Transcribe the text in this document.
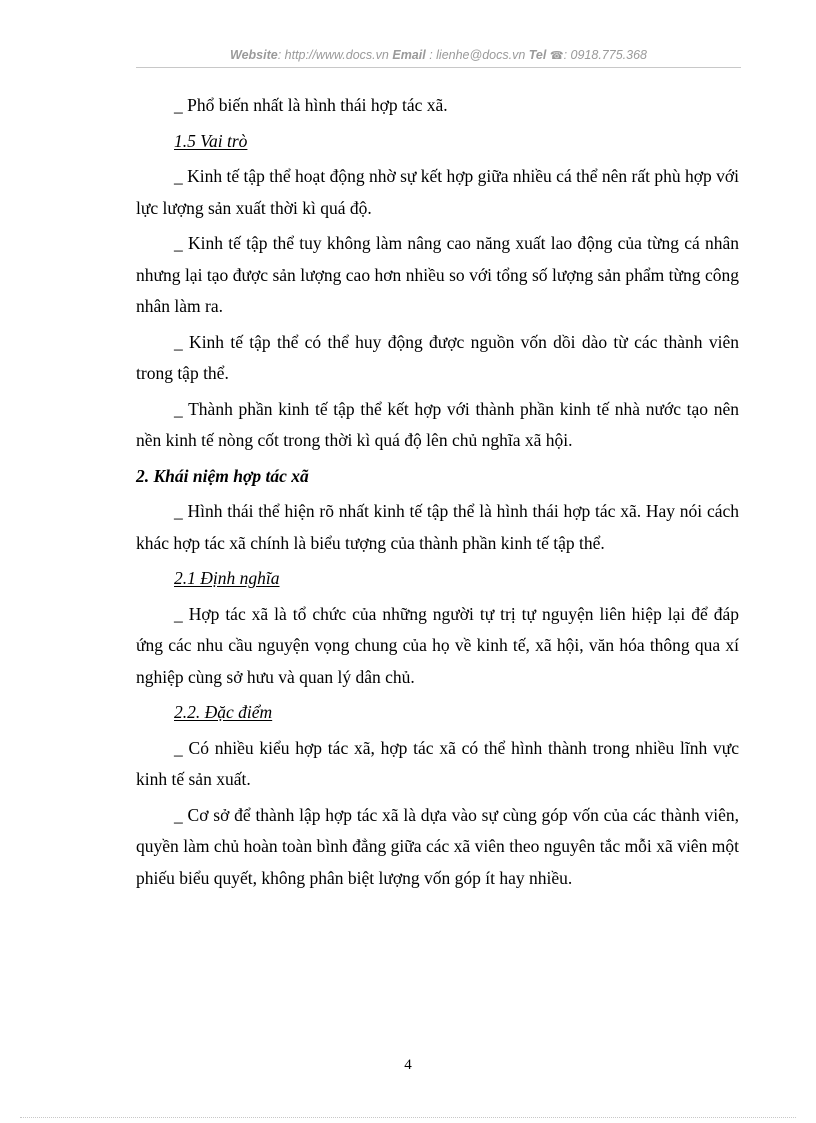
Website: http://www.docs.vn Email : lienhe@docs.vn Tel ☎: 0918.775.368

_ Phổ biến nhất là hình thái hợp tác xã.

1.5 Vai trò

_ Kinh tế tập thể hoạt động nhờ sự kết hợp giữa nhiều cá thể nên rất phù hợp với lực lượng sản xuất thời kì quá độ.

_ Kinh tế tập thể tuy không làm nâng cao năng xuất lao động của từng cá nhân nhưng lại tạo được sản lượng cao hơn nhiều so với tổng số lượng sản phẩm từng công nhân làm ra.

_ Kinh tế tập thể có thể huy động được nguồn vốn dồi dào từ các thành viên trong tập thể.

_ Thành phần kinh tế tập thể kết hợp với thành phần kinh tế nhà nước tạo nên nền kinh tế nòng cốt trong thời kì quá độ lên chủ nghĩa xã hội.

2. Khái niệm hợp tác xã

_ Hình thái thể hiện rõ nhất kinh tế tập thể là hình thái hợp tác xã. Hay nói cách khác hợp tác xã chính là biểu tượng của thành phần kinh tế tập thể.

2.1 Định nghĩa

_ Hợp tác xã là tổ chức của những người tự trị tự nguyện liên hiệp lại để đáp ứng các nhu cầu nguyện vọng chung của họ về kinh tế, xã hội, văn hóa thông qua xí nghiệp cùng sở hưu và quan lý dân chủ.

2.2. Đặc điểm

_ Có nhiều kiểu hợp tác xã, hợp tác xã có thể hình thành trong nhiều lĩnh vực kinh tế sản xuất.

_ Cơ sở để thành lập hợp tác xã là dựa vào sự cùng góp vốn của các thành viên, quyền làm chủ hoàn toàn bình đẳng giữa các xã viên theo nguyên tắc mỗi xã viên một phiếu biểu quyết, không phân biệt lượng vốn góp ít hay nhiều.

4
